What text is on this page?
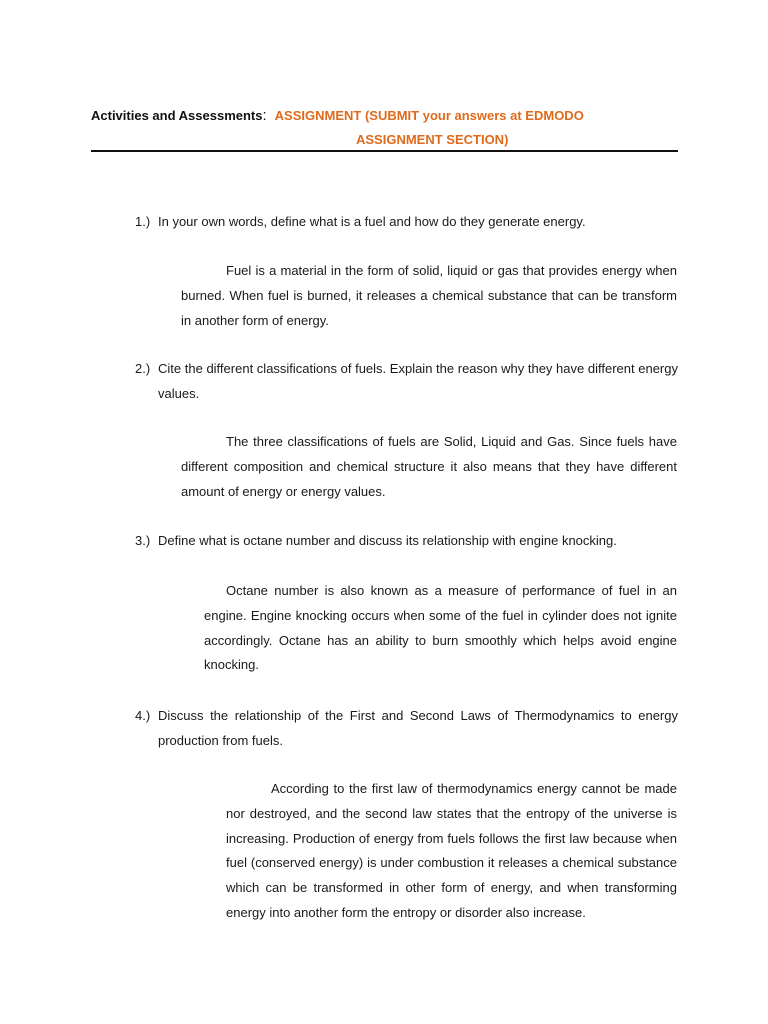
Activities and Assessments: ASSIGNMENT (SUBMIT your answers at EDMODO
ASSIGNMENT SECTION)
1.) In your own words, define what is a fuel and how do they generate energy.
Fuel is a material in the form of solid, liquid or gas that provides energy when burned. When fuel is burned, it releases a chemical substance that can be transform in another form of energy.
2.) Cite the different classifications of fuels. Explain the reason why they have different energy values.
The three classifications of fuels are Solid, Liquid and Gas. Since fuels have different composition and chemical structure it also means that they have different amount of energy or energy values.
3.) Define what is octane number and discuss its relationship with engine knocking.
Octane number is also known as a measure of performance of fuel in an engine. Engine knocking occurs when some of the fuel in cylinder does not ignite accordingly. Octane has an ability to burn smoothly which helps avoid engine knocking.
4.) Discuss the relationship of the First and Second Laws of Thermodynamics to energy production from fuels.
According to the first law of thermodynamics energy cannot be made nor destroyed, and the second law states that the entropy of the universe is increasing. Production of energy from fuels follows the first law because when fuel (conserved energy) is under combustion it releases a chemical substance which can be transformed in other form of energy, and when transforming energy into another form the entropy or disorder also increase.
